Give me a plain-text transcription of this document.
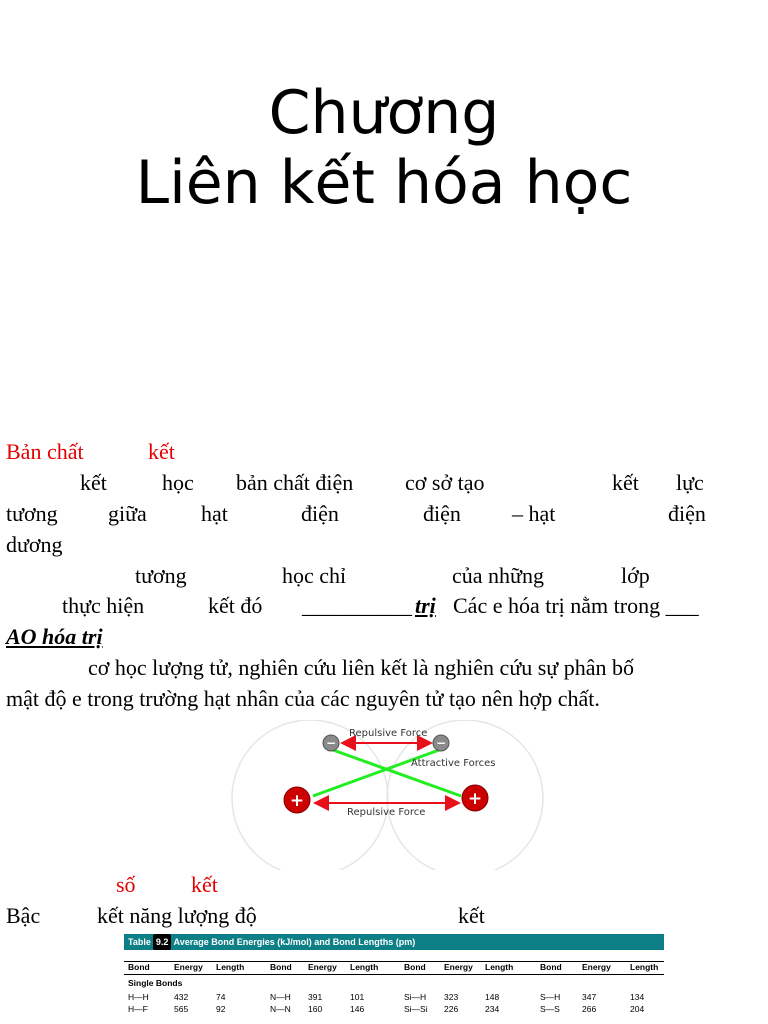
Chương
Liên kết hóa học
Bản chất	kết
kết	học bản chất điện cơ sở tạo	kết lực
tương giữa hạt	điện	điện – hạt	điện
dương
tương	học chỉ	của những	lớp
thực hiện	kết đó __________ trị Các e hóa trị nằm trong ___
AO hóa trị
cơ học lượng tử, nghiên cứu liên kết là nghiên cứu sự phân bố
mật độ e trong trường hạt nhân của các nguyên tử tạo nên hợp chất.
Repulsive Force
Attractive Forces
Repulsive Force
−	−
+	+
số	kết
Bậc	kết năng lượng độ	kết
Table 9.2 Average Bond Energies (kJ/mol) and Bond Lengths (pm)
Bond	Energy Length	Bond Energy Length	Bond Energy Length	Bond Energy Length
Single Bonds
H—H	432	74	N—H 391	101	Si—H 323	148	S—H	347	134
H—F	565	92	N—N 160	146	Si—Si 226	234	S—S	266	204
